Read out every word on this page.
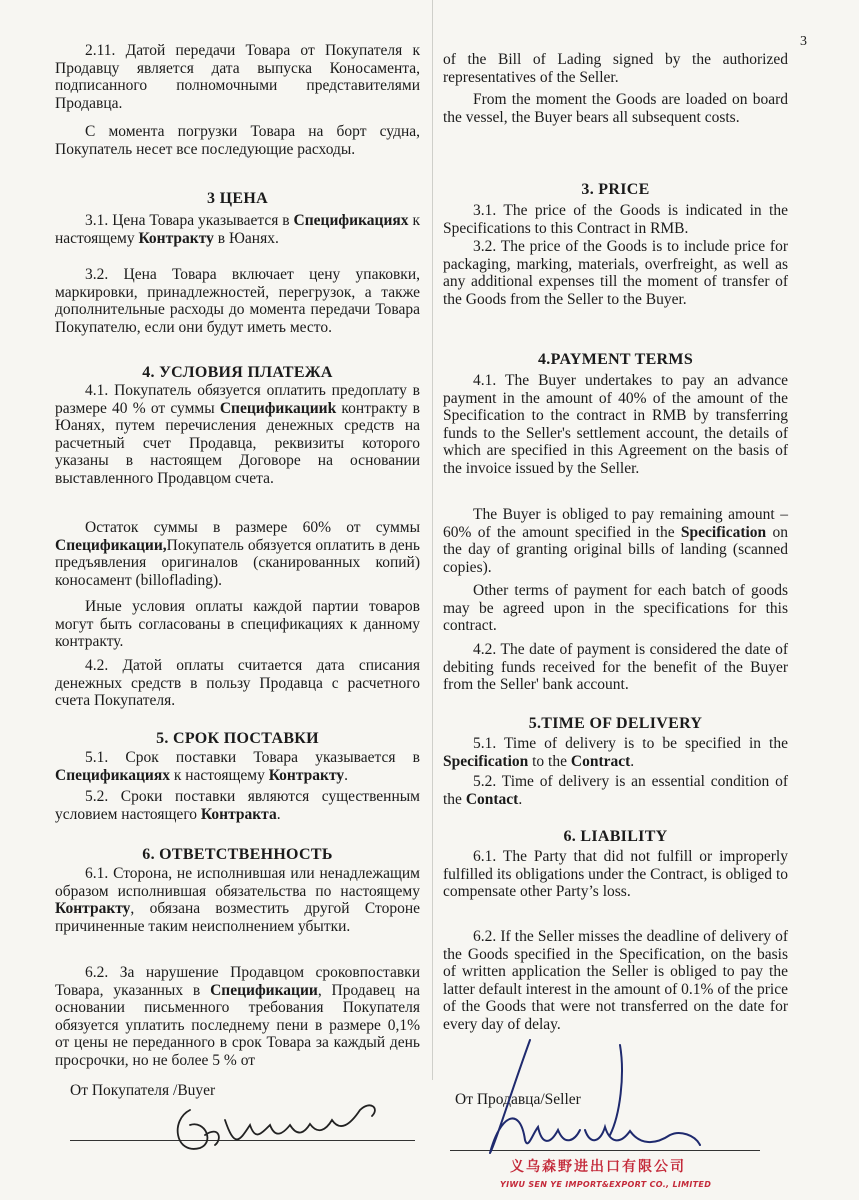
3

2.11. Датой передачи Товара от Покупателя к Продавцу является дата выпуска Коносамента, подписанного полномочными представителями Продавца.

С момента погрузки Товара на борт судна, Покупатель несет все последующие расходы.

3 ЦЕНА

3.1. Цена Товара указывается в Спецификациях к настоящему Контракту в Юанях.

3.2. Цена Товара включает цену упаковки, маркировки, принадлежностей, перегрузок, а также дополнительные расходы до момента передачи Товара Покупателю, если они будут иметь место.

4. УСЛОВИЯ ПЛАТЕЖА

4.1. Покупатель обязуется оплатить предоплату в размере 40 % от суммы Спецификацииk контракту в Юанях, путем перечисления денежных средств на расчетный счет Продавца, реквизиты которого указаны в настоящем Договоре на основании выставленного Продавцом счета.

Остаток суммы в размере 60% от суммы Спецификации,Покупатель обязуется оплатить в день предъявления оригиналов (сканированных копий) коносамент (billoflading).

Иные условия оплаты каждой партии товаров могут быть согласованы в спецификациях к данному контракту.

4.2. Датой оплаты считается дата списания денежных средств в пользу Продавца с расчетного счета Покупателя.

5. СРОК ПОСТАВКИ

5.1. Срок поставки Товара указывается в Спецификациях к настоящему Контракту.

5.2. Сроки поставки являются существенным условием настоящего Контракта.

6. ОТВЕТСТВЕННОСТЬ

6.1. Сторона, не исполнившая или ненадлежащим образом исполнившая обязательства по настоящему Контракту, обязана возместить другой Стороне причиненные таким неисполнением убытки.

6.2. За нарушение Продавцом сроковпоставки Товара, указанных в Спецификации, Продавец на основании письменного требования Покупателя обязуется уплатить последнему пени в размере 0,1% от цены не переданного в срок Товара за каждый день просрочки, но не более 5 % от

of the Bill of Lading signed by the authorized representatives of the Seller.

From the moment the Goods are loaded on board the vessel, the Buyer bears all subsequent costs.

3. PRICE

3.1. The price of the Goods is indicated in the Specifications to this Contract in RMB.

3.2. The price of the Goods is to include price for packaging, marking, materials, overfreight, as well as any additional expenses till the moment of transfer of the Goods from the Seller to the Buyer.

4.PAYMENT TERMS

4.1. The Buyer undertakes to pay an advance payment in the amount of 40% of the amount of the Specification to the contract in RMB by transferring funds to the Seller's settlement account, the details of which are specified in this Agreement on the basis of the invoice issued by the Seller.

The Buyer is obliged to pay remaining amount – 60% of the amount specified in the Specification on the day of granting original bills of landing (scanned copies).

Other terms of payment for each batch of goods may be agreed upon in the specifications for this contract.

4.2. The date of payment is considered the date of debiting funds received for the benefit of the Buyer from the Seller' bank account.

5.TIME OF DELIVERY

5.1. Time of delivery is to be specified in the Specification to the Contract.

5.2. Time of delivery is an essential condition of the Contact.

6. LIABILITY

6.1. The Party that did not fulfill or improperly fulfilled its obligations under the Contract, is obliged to compensate other Party’s loss.

6.2. If the Seller misses the deadline of delivery of the Goods specified in the Specification, on the basis of written application the Seller is obliged to pay the latter default interest in the amount of 0.1% of the price of the Goods that were not transferred on the date for every day of delay.

От Покупателя /Buyer
От Продавца/Seller
义乌森野进出口有限公司
YIWU SEN YE IMPORT&EXPORT CO., LIMITED
